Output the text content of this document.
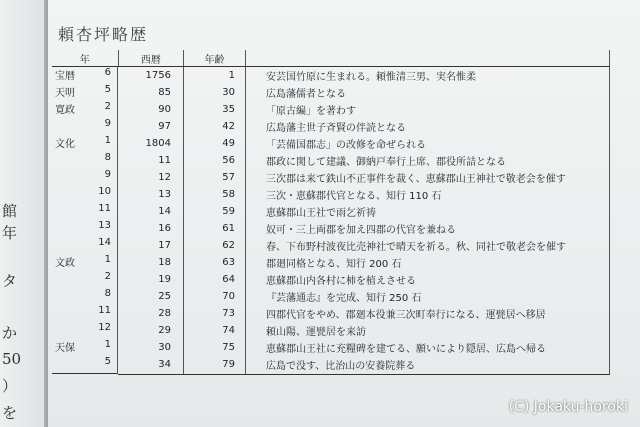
館
年
タ
か
50
）
を
頼杏坪略歴
年	西暦	年齢	

宝暦	6	1756	1	安芸国竹原に生まれる。頼惟清三男、実名惟柔

天明	5	85	30	広島藩儒者となる

寛政	2	90	35	「原古編」を著わす

9	97	42	広島藩主世子斉賢の伴読となる

文化	1	1804	49	「芸備国郡志」の改修を命ぜられる

8	11	56	郡政に関して建議、御納戸奉行上席、郡役所詰となる

9	12	57	三次郡は来て鉄山不正事件を裁く、恵蘇郡山王神社で敬老会を催す

10	13	58	三次・恵蘇郡代官となる、知行 110 石

11	14	59	恵蘇郡山王社で雨乞祈祷

13	16	61	奴可・三上両郡を加え四郡の代官を兼ねる

14	17	62	春、下布野村波夜比売神社で晴天を祈る。秋、同社で敬老会を催す

文政	1	18	63	郡廻同格となる、知行 200 石

2	19	64	恵蘇郡山内各村に柿を植えさせる

8	25	70	『芸藩通志』を完成、知行 250 石

11	28	73	四郡代官をやめ、郡廻本役兼三次町奉行になる、運甓居へ移居

12	29	74	頼山陽、運甓居を来訪

天保	1	30	75	恵蘇郡山王社に充糧碑を建てる、願いにより隠居、広島へ帰る

5	34	79	広島で没す、比治山の安養院葬る
(C) Jokaku-horoki
